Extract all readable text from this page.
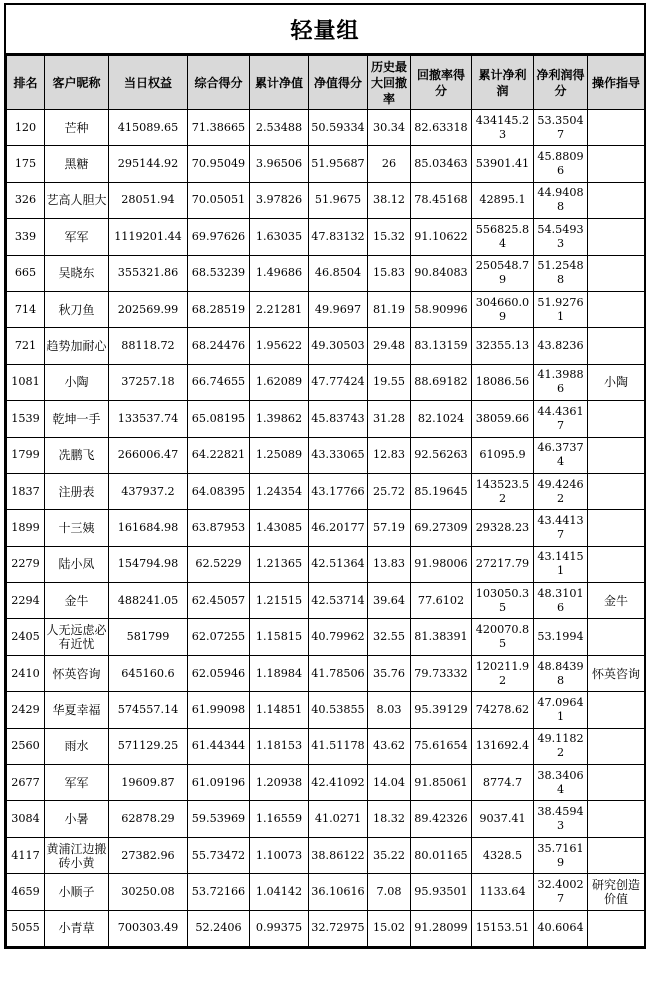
轻量组
排名	客户昵称	当日权益	综合得分	累计净值	净值得分	历史最大回撤率	回撤率得分	累计净利润	净利润得分	操作指导
120	芒种	415089.65	71.38665	2.53488	50.59334	30.34	82.63318	434145.23	53.35047	
175	黑糖	295144.92	70.95049	3.96506	51.95687	26	85.03463	53901.41	45.88096	
326	艺高人胆大	28051.94	70.05051	3.97826	51.9675	38.12	78.45168	42895.1	44.94088	
339	军军	1119201.44	69.97626	1.63035	47.83132	15.32	91.10622	556825.84	54.54933	
665	吴晓东	355321.86	68.53239	1.49686	46.8504	15.83	90.84083	250548.79	51.25488	
714	秋刀鱼	202569.99	68.28519	2.21281	49.9697	81.19	58.90996	304660.09	51.92761	
721	趋势加耐心	88118.72	68.24476	1.95622	49.30503	29.48	83.13159	32355.13	43.8236	
1081	小陶	37257.18	66.74655	1.62089	47.77424	19.55	88.69182	18086.56	41.39886	小陶
1539	乾坤一手	133537.74	65.08195	1.39862	45.83743	31.28	82.1024	38059.66	44.43617	
1799	冼鹏飞	266006.47	64.22821	1.25089	43.33065	12.83	92.56263	61095.9	46.37374	
1837	注册表	437937.2	64.08395	1.24354	43.17766	25.72	85.19645	143523.52	49.42462	
1899	十三姨	161684.98	63.87953	1.43085	46.20177	57.19	69.27309	29328.23	43.44137	
2279	陆小凤	154794.98	62.5229	1.21365	42.51364	13.83	91.98006	27217.79	43.14151	
2294	金牛	488241.05	62.45057	1.21515	42.53714	39.64	77.6102	103050.35	48.31016	金牛
2405	人无远虑必有近忧	581799	62.07255	1.15815	40.79962	32.55	81.38391	420070.85	53.1994	
2410	怀英咨询	645160.6	62.05946	1.18984	41.78506	35.76	79.73332	120211.92	48.84398	怀英咨询
2429	华夏幸福	574557.14	61.99098	1.14851	40.53855	8.03	95.39129	74278.62	47.09641	
2560	雨水	571129.25	61.44344	1.18153	41.51178	43.62	75.61654	131692.4	49.11822	
2677	军军	19609.87	61.09196	1.20938	42.41092	14.04	91.85061	8774.7	38.34064	
3084	小暑	62878.29	59.53969	1.16559	41.0271	18.32	89.42326	9037.41	38.45943	
4117	黄浦江边搬砖小黄	27382.96	55.73472	1.10073	38.86122	35.22	80.01165	4328.5	35.71619	
4659	小顺子	30250.08	53.72166	1.04142	36.10616	7.08	95.93501	1133.64	32.40027	研究创造价值
5055	小青草	700303.49	52.2406	0.99375	32.72975	15.02	91.28099	15153.51	40.6064	
